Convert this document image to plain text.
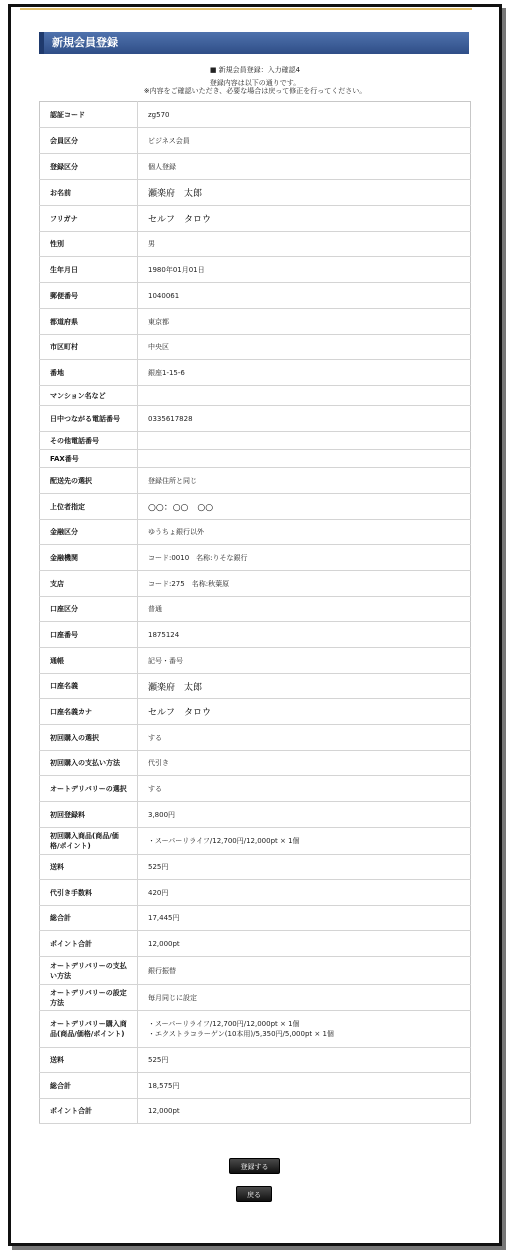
新規会員登録
■ 新規会員登録：入力確認4
登録内容は以下の通りです。
※内容をご確認いただき、必要な場合は戻って修正を行ってください。
認証コード	zg570
会員区分	ビジネス会員
登録区分	個人登録
お名前	瀬楽府　太郎
フリガナ	セルフ　タロウ
性別	男
生年月日	1980年01月01日
郵便番号	1040061
都道府県	東京都
市区町村	中央区
番地	銀座1-15-6
マンション名など	
日中つながる電話番号	0335617828
その他電話番号	
FAX番号	
配送先の選択	登録住所と同じ
上位者指定	○○：○○　○○
金融区分	ゆうちょ銀行以外
金融機関	コード:0010　名称:りそな銀行
支店	コード:275　名称:秋葉原
口座区分	普通
口座番号	1875124
通帳	記号・番号
口座名義	瀬楽府　太郎
口座名義カナ	セルフ　タロウ
初回購入の選択	する
初回購入の支払い方法	代引き
オートデリバリーの選択	する
初回登録料	3,800円
初回購入商品(商品/価格/ポイント)	・スーパーリライフ/12,700円/12,000pt × 1個
送料	525円
代引き手数料	420円
総合計	17,445円
ポイント合計	12,000pt
オートデリバリーの支払い方法	銀行振替
オートデリバリーの設定方法	毎月同じに設定
オートデリバリー購入商品(商品/価格/ポイント)	・スーパーリライフ/12,700円/12,000pt × 1個
・エクストラコラーゲン(10本用)/5,350円/5,000pt × 1個
送料	525円
総合計	18,575円
ポイント合計	12,000pt
登録する
戻る
